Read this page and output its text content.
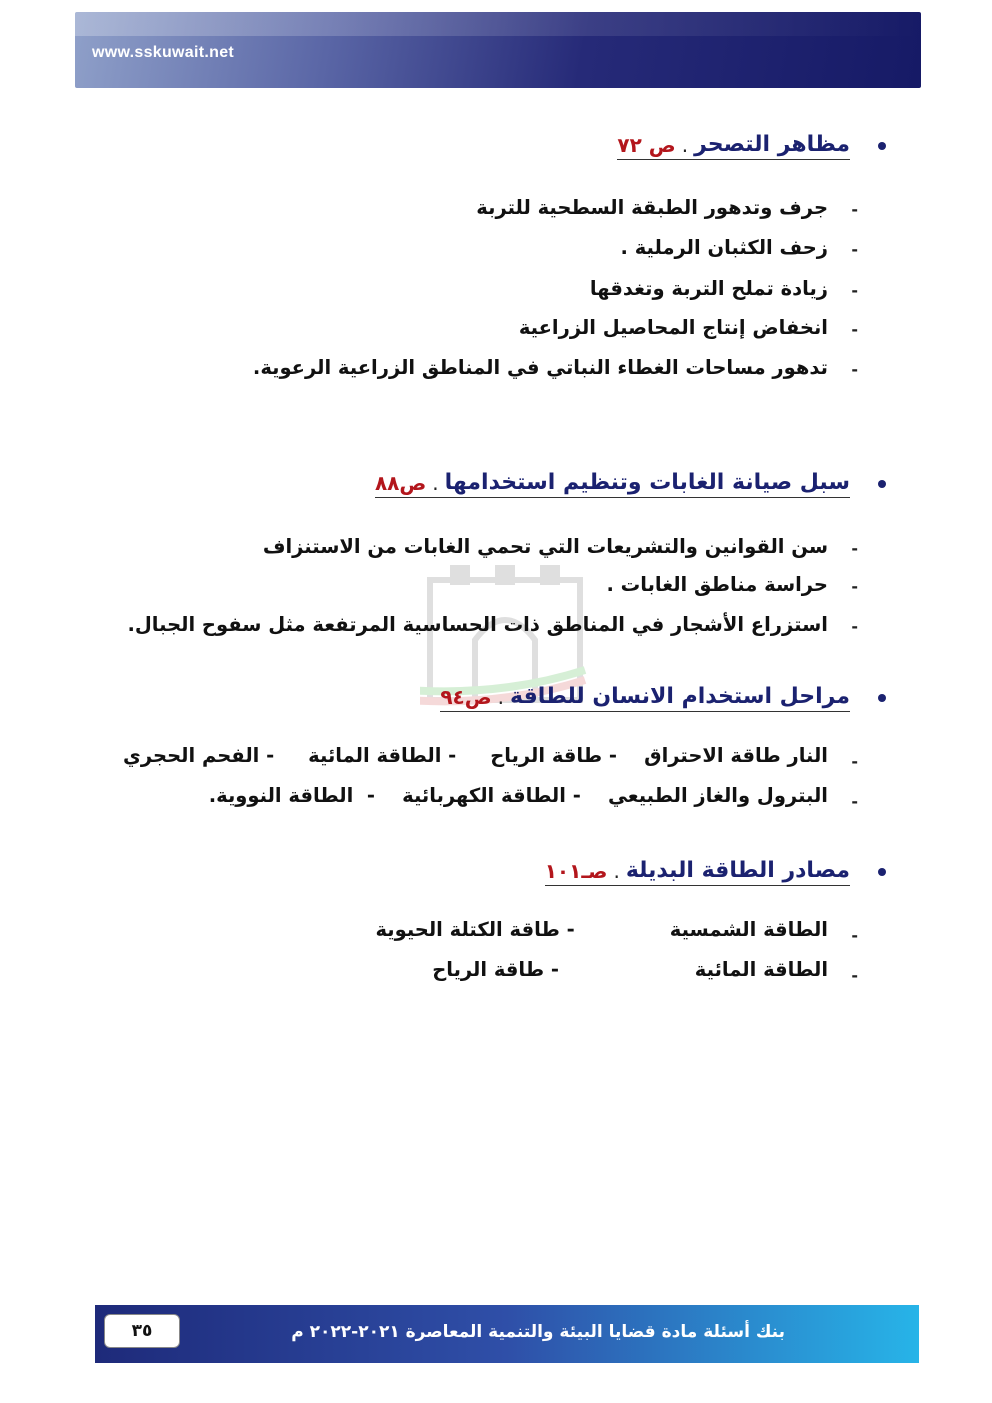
www.sskuwait.net
مظاهر التصحر
.
ص ٧٢
-
جرف وتدهور الطبقة السطحية للتربة
-
زحف الكثبان الرملية .
-
زيادة تملح التربة وتغدقها
-
انخفاض إنتاج المحاصيل الزراعية
-
تدهور مساحات الغطاء النباتي في المناطق الزراعية الرعوية.
سبل صيانة الغابات وتنظيم استخدامها
.
ص٨٨
-
سن القوانين والتشريعات التي تحمي الغابات من الاستنزاف
-
حراسة مناطق الغابات .
-
استزراع الأشجار في المناطق ذات الحساسية المرتفعة مثل سفوح الجبال.
مراحل استخدام الانسان للطاقة
.
ص٩٤
-
النار طاقة الاحتراق    - طاقة الرياح     - الطاقة المائية     - الفحم الحجري
-
البترول والغاز الطبيعي    - الطاقة الكهربائية    -  الطاقة النووية.
مصادر الطاقة البديلة
.
صـ١٠١
-
الطاقة الشمسية              - طاقة الكتلة الحيوية
-
الطاقة المائية                    - طاقة الرياح
٣٥	بنك أسئلة مادة قضايا البيئة والتنمية المعاصرة ٢٠٢١-٢٠٢٢ م
